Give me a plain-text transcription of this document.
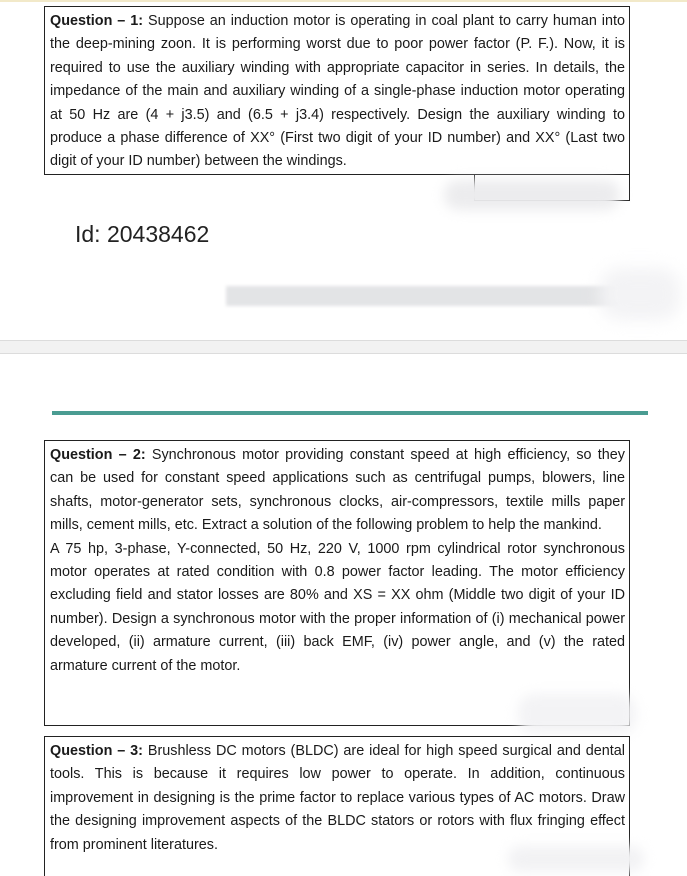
Question – 1: Suppose an induction motor is operating in coal plant to carry human into the deep-mining zoon. It is performing worst due to poor power factor (P. F.). Now, it is required to use the auxiliary winding with appropriate capacitor in series. In details, the impedance of the main and auxiliary winding of a single-phase induction motor operating at 50 Hz are (4 + j3.5) and (6.5 + j3.4) respectively. Design the auxiliary winding to produce a phase difference of XX° (First two digit of your ID number) and XX° (Last two digit of your ID number) between the windings.

Id: 20438462

Question – 2: Synchronous motor providing constant speed at high efficiency, so they can be used for constant speed applications such as centrifugal pumps, blowers, line shafts, motor-generator sets, synchronous clocks, air-compressors, textile mills paper mills, cement mills, etc. Extract a solution of the following problem to help the mankind.

A 75 hp, 3-phase, Y-connected, 50 Hz, 220 V, 1000 rpm cylindrical rotor synchronous motor operates at rated condition with 0.8 power factor leading. The motor efficiency excluding field and stator losses are 80% and XS = XX ohm (Middle two digit of your ID number). Design a synchronous motor with the proper information of (i) mechanical power developed, (ii) armature current, (iii) back EMF, (iv) power angle, and (v) the rated armature current of the motor.

Question – 3: Brushless DC motors (BLDC) are ideal for high speed surgical and dental tools. This is because it requires low power to operate. In addition, continuous improvement in designing is the prime factor to replace various types of AC motors. Draw the designing improvement aspects of the BLDC stators or rotors with flux fringing effect from prominent literatures.
